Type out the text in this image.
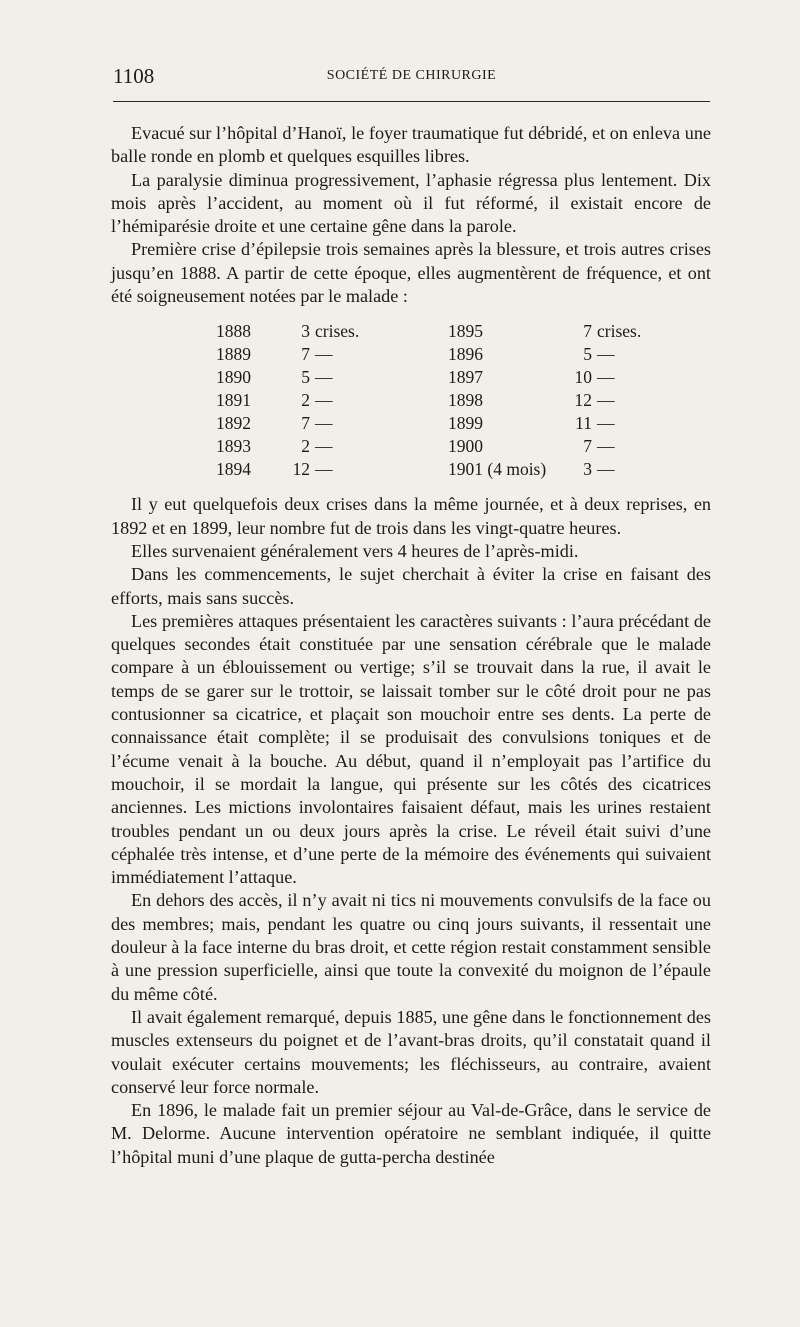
1108	SOCIÉTÉ DE CHIRURGIE

Evacué sur l’hôpital d’Hanoï, le foyer traumatique fut débridé, et on enleva une balle ronde en plomb et quelques esquilles libres.

La paralysie diminua progressivement, l’aphasie régressa plus lentement. Dix mois après l’accident, au moment où il fut réformé, il existait encore de l’hémiparésie droite et une certaine gêne dans la parole.

Première crise d’épilepsie trois semaines après la blessure, et trois autres crises jusqu’en 1888. A partir de cette époque, elles augmentèrent de fréquence, et ont été soigneusement notées par le malade :

1888	3	crises.	1895	7	crises.
1889	7	—	1896	5	—
1890	5	—	1897	10	—
1891	2	—	1898	12	—
1892	7	—	1899	11	—
1893	2	—	1900	7	—
1894	12	—	1901 (4 mois)	3	—

Il y eut quelquefois deux crises dans la même journée, et à deux reprises, en 1892 et en 1899, leur nombre fut de trois dans les vingt-quatre heures.

Elles survenaient généralement vers 4 heures de l’après-midi.

Dans les commencements, le sujet cherchait à éviter la crise en faisant des efforts, mais sans succès.

Les premières attaques présentaient les caractères suivants : l’aura précédant de quelques secondes était constituée par une sensation cérébrale que le malade compare à un éblouissement ou vertige; s’il se trouvait dans la rue, il avait le temps de se garer sur le trottoir, se laissait tomber sur le côté droit pour ne pas contusionner sa cicatrice, et plaçait son mouchoir entre ses dents. La perte de connaissance était complète; il se produisait des convulsions toniques et de l’écume venait à la bouche. Au début, quand il n’employait pas l’artifice du mouchoir, il se mordait la langue, qui présente sur les côtés des cicatrices anciennes. Les mictions involontaires faisaient défaut, mais les urines restaient troubles pendant un ou deux jours après la crise. Le réveil était suivi d’une céphalée très intense, et d’une perte de la mémoire des événements qui suivaient immédiatement l’attaque.

En dehors des accès, il n’y avait ni tics ni mouvements convulsifs de la face ou des membres; mais, pendant les quatre ou cinq jours suivants, il ressentait une douleur à la face interne du bras droit, et cette région restait constamment sensible à une pression superficielle, ainsi que toute la convexité du moignon de l’épaule du même côté.

Il avait également remarqué, depuis 1885, une gêne dans le fonctionnement des muscles extenseurs du poignet et de l’avant-bras droits, qu’il constatait quand il voulait exécuter certains mouvements; les fléchisseurs, au contraire, avaient conservé leur force normale.

En 1896, le malade fait un premier séjour au Val-de-Grâce, dans le service de M. Delorme. Aucune intervention opératoire ne semblant indiquée, il quitte l’hôpital muni d’une plaque de gutta-percha destinée
